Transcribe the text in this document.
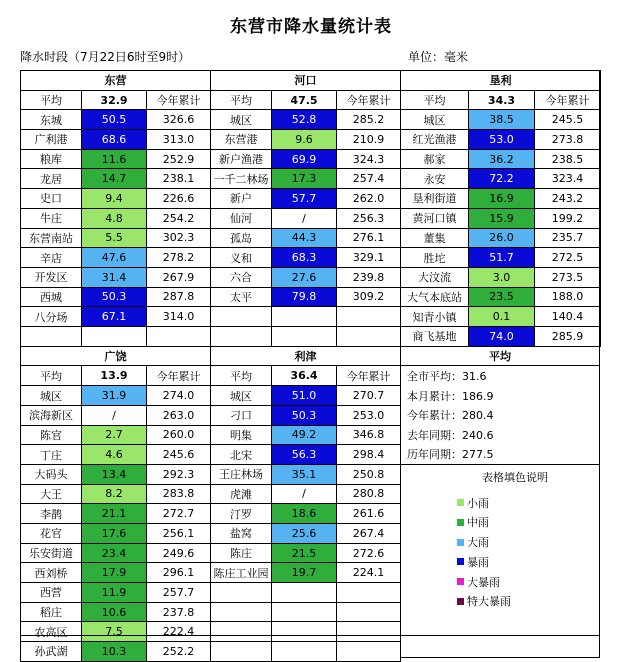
东营市降水量统计表
降水时段（7月22日6时至9时）	单位：毫米
东营		
平均	32.9	今年累计
东城	50.5	326.6
广利港	68.6	313.0
粮库	11.6	252.9
龙居	14.7	238.1
史口	9.4	226.6
牛庄	4.8	254.2
东营南站	5.5	302.3
辛店	47.6	278.2
开发区	31.4	267.9
西城	50.3	287.8
八分场	67.1	314.0

河口		
平均	47.5	今年累计
城区	52.8	285.2
东营港	9.6	210.9
新户渔港	69.9	324.3
一千二林场	17.3	257.4
新户	57.7	262.0
仙河	/	256.3
孤岛	44.3	276.1
义和	68.3	329.1
六合	27.6	239.8
太平	79.8	309.2

垦利		
平均	34.3	今年累计
城区	38.5	245.5
红光渔港	53.0	273.8
郝家	36.2	238.5
永安	72.2	323.4
垦利街道	16.9	243.2
黄河口镇	15.9	199.2
董集	26.0	235.7
胜坨	51.7	272.5
大汶流	3.0	273.5
大气本底站	23.5	188.0
知青小镇	0.1	140.4
商飞基地	74.0	285.9
广饶		
平均	13.9	今年累计
城区	31.9	274.0
滨海新区	/	263.0
陈官	2.7	260.0
丁庄	4.6	245.6
大码头	13.4	292.3
大王	8.2	283.8
李鹊	21.1	272.7
花官	17.6	256.1
乐安街道	23.4	249.6
西刘桥	17.9	296.1
西营	11.9	257.7
稻庄	10.6	237.8
农高区	7.5	222.4
孙武湖	10.3	252.2
利津		
平均	36.4	今年累计
城区	51.0	270.7
刁口	50.3	253.0
明集	49.2	346.8
北宋	56.3	298.4
王庄林场	35.1	250.8
虎滩	/	280.8
汀罗	18.6	261.6
盐窝	25.6	267.4
陈庄	21.5	272.6
陈庄工业园	19.7	224.1

平均
全市平均：31.6
本月累计：186.9
今年累计：280.4
去年同期：240.6
历年同期：277.5

表格填色说明
小雨
中雨
大雨
暴雨
大暴雨
特大暴雨
